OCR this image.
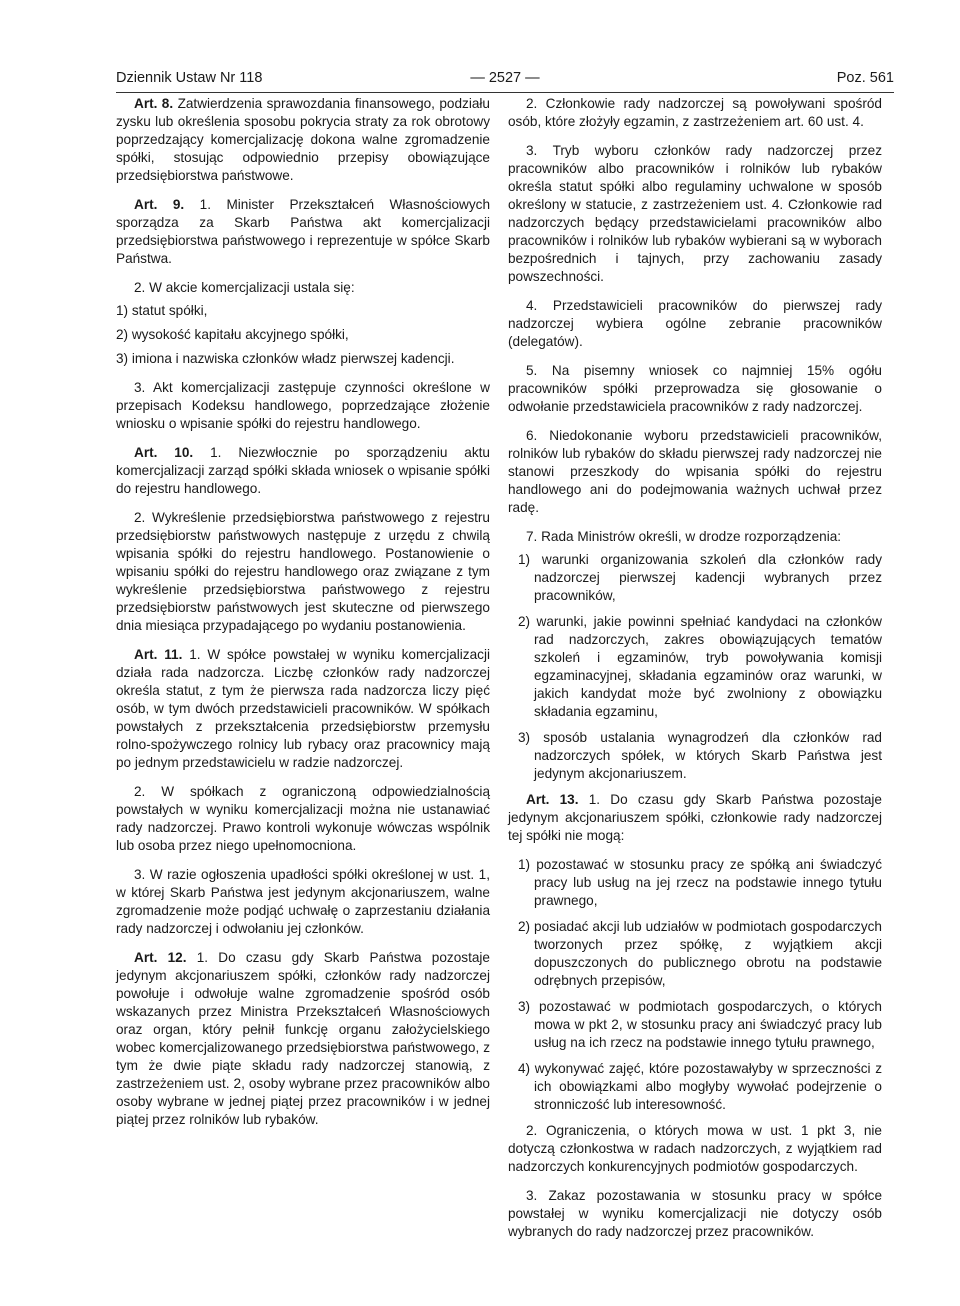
Dziennik Ustaw Nr 118	— 2527 —	Poz. 561

Art. 8. Zatwierdzenia sprawozdania finansowego, podziału zysku lub określenia sposobu pokrycia straty za rok obrotowy poprzedzający komercjalizację dokona walne zgromadzenie spółki, stosując odpowiednio przepisy obowiązujące przedsiębiorstwa państwowe.

Art. 9. 1. Minister Przekształceń Własnościowych sporządza za Skarb Państwa akt komercjalizacji przedsiębiorstwa państwowego i reprezentuje w spółce Skarb Państwa.

2. W akcie komercjalizacji ustala się:

1) statut spółki,

2) wysokość kapitału akcyjnego spółki,

3) imiona i nazwiska członków władz pierwszej kadencji.

3. Akt komercjalizacji zastępuje czynności określone w przepisach Kodeksu handlowego, poprzedzające złożenie wniosku o wpisanie spółki do rejestru handlowego.

Art. 10. 1. Niezwłocznie po sporządzeniu aktu komercjalizacji zarząd spółki składa wniosek o wpisanie spółki do rejestru handlowego.

2. Wykreślenie przedsiębiorstwa państwowego z rejestru przedsiębiorstw państwowych następuje z urzędu z chwilą wpisania spółki do rejestru handlowego. Postanowienie o wpisaniu spółki do rejestru handlowego oraz związane z tym wykreślenie przedsiębiorstwa państwowego z rejestru przedsiębiorstw państwowych jest skuteczne od pierwszego dnia miesiąca przypadającego po wydaniu postanowienia.

Art. 11. 1. W spółce powstałej w wyniku komercjalizacji działa rada nadzorcza. Liczbę członków rady nadzorczej określa statut, z tym że pierwsza rada nadzorcza liczy pięć osób, w tym dwóch przedstawicieli pracowników. W spółkach powstałych z przekształcenia przedsiębiorstw przemysłu rolno-spożywczego rolnicy lub rybacy oraz pracownicy mają po jednym przedstawicielu w radzie nadzorczej.

2. W spółkach z ograniczoną odpowiedzialnością powstałych w wyniku komercjalizacji można nie ustanawiać rady nadzorczej. Prawo kontroli wykonuje wówczas wspólnik lub osoba przez niego upełnomocniona.

3. W razie ogłoszenia upadłości spółki określonej w ust. 1, w której Skarb Państwa jest jedynym akcjonariuszem, walne zgromadzenie może podjąć uchwałę o zaprzestaniu działania rady nadzorczej i odwołaniu jej członków.

Art. 12. 1. Do czasu gdy Skarb Państwa pozostaje jedynym akcjonariuszem spółki, członków rady nadzorczej powołuje i odwołuje walne zgromadzenie spośród osób wskazanych przez Ministra Przekształceń Własnościowych oraz organ, który pełnił funkcję organu założycielskiego wobec komercjalizowanego przedsiębiorstwa państwowego, z tym że dwie piąte składu rady nadzorczej stanowią, z zastrzeżeniem ust. 2, osoby wybrane przez pracowników albo osoby wybrane w jednej piątej przez pracowników i w jednej piątej przez rolników lub rybaków.

2. Członkowie rady nadzorczej są powoływani spośród osób, które złożyły egzamin, z zastrzeżeniem art. 60 ust. 4.

3. Tryb wyboru członków rady nadzorczej przez pracowników albo pracowników i rolników lub rybaków określa statut spółki albo regulaminy uchwalone w sposób określony w statucie, z zastrzeżeniem ust. 4. Członkowie rad nadzorczych będący przedstawicielami pracowników albo pracowników i rolników lub rybaków wybierani są w wyborach bezpośrednich i tajnych, przy zachowaniu zasady powszechności.

4. Przedstawicieli pracowników do pierwszej rady nadzorczej wybiera ogólne zebranie pracowników (delegatów).

5. Na pisemny wniosek co najmniej 15% ogółu pracowników spółki przeprowadza się głosowanie o odwołanie przedstawiciela pracowników z rady nadzorczej.

6. Niedokonanie wyboru przedstawicieli pracowników, rolników lub rybaków do składu pierwszej rady nadzorczej nie stanowi przeszkody do wpisania spółki do rejestru handlowego ani do podejmowania ważnych uchwał przez radę.

7. Rada Ministrów określi, w drodze rozporządzenia:

1) warunki organizowania szkoleń dla członków rady nadzorczej pierwszej kadencji wybranych przez pracowników,

2) warunki, jakie powinni spełniać kandydaci na członków rad nadzorczych, zakres obowiązujących tematów szkoleń i egzaminów, tryb powoływania komisji egzaminacyjnej, składania egzaminów oraz warunki, w jakich kandydat może być zwolniony z obowiązku składania egzaminu,

3) sposób ustalania wynagrodzeń dla członków rad nadzorczych spółek, w których Skarb Państwa jest jedynym akcjonariuszem.

Art. 13. 1. Do czasu gdy Skarb Państwa pozostaje jedynym akcjonariuszem spółki, członkowie rady nadzorczej tej spółki nie mogą:

1) pozostawać w stosunku pracy ze spółką ani świadczyć pracy lub usług na jej rzecz na podstawie innego tytułu prawnego,

2) posiadać akcji lub udziałów w podmiotach gospodarczych tworzonych przez spółkę, z wyjątkiem akcji dopuszczonych do publicznego obrotu na podstawie odrębnych przepisów,

3) pozostawać w podmiotach gospodarczych, o których mowa w pkt 2, w stosunku pracy ani świadczyć pracy lub usług na ich rzecz na podstawie innego tytułu prawnego,

4) wykonywać zajęć, które pozostawałyby w sprzeczności z ich obowiązkami albo mogłyby wywołać podejrzenie o stronniczość lub interesowność.

2. Ograniczenia, o których mowa w ust. 1 pkt 3, nie dotyczą członkostwa w radach nadzorczych, z wyjątkiem rad nadzorczych konkurencyjnych podmiotów gospodarczych.

3. Zakaz pozostawania w stosunku pracy w spółce powstałej w wyniku komercjalizacji nie dotyczy osób wybranych do rady nadzorczej przez pracowników.
